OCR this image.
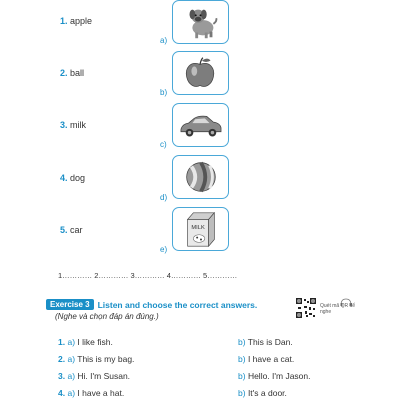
1. apple
2. ball
3. milk
4. dog
5. car
a)
b)
c)
d)
e)
MILK
1………… 2………… 3………… 4………… 5…………
Exercise 3 Listen and choose the correct answers.
(Nghe và chọn đáp án đúng.)
Quét mã QR để nghe
1. a) I like fish.	b) This is Dan.
2. a) This is my bag.	b) I have a cat.
3. a) Hi. I'm Susan.	b) Hello. I'm Jason.
4. a) I have a hat.	b) It's a door.
